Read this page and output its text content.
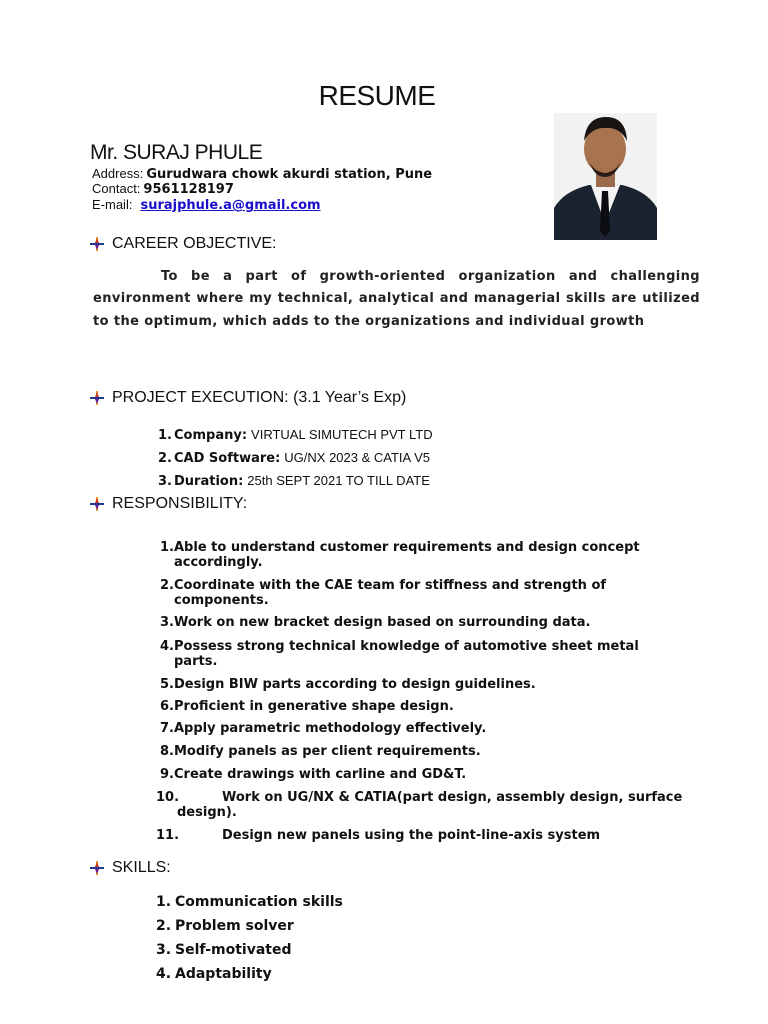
RESUME
Mr. SURAJ PHULE
Address: Gurudwara chowk akurdi station, Pune
Contact: 9561128197
E-mail: surajphule.a@gmail.com
CAREER OBJECTIVE:
To be a part of growth-oriented organization and challenging environment where my technical, analytical and managerial skills are utilized to the optimum, which adds to the organizations and individual growth
PROJECT EXECUTION: (3.1 Year’s Exp)
1. Company: VIRTUAL SIMUTECH PVT LTD
2. CAD Software: UG/NX 2023 & CATIA V5
3. Duration: 25th SEPT 2021 TO TILL DATE
RESPONSIBILITY:
1. Able to understand customer requirements and design concept
accordingly.
2. Coordinate with the CAE team for stiffness and strength of
components.
3. Work on new bracket design based on surrounding data.
4. Possess strong technical knowledge of automotive sheet metal
parts.
5. Design BIW parts according to design guidelines.
6. Proficient in generative shape design.
7. Apply parametric methodology effectively.
8. Modify panels as per client requirements.
9. Create drawings with carline and GD&T.
10.	Work on UG/NX & CATIA(part design, assembly design, surface
design).
11.	Design new panels using the point-line-axis system
SKILLS:
1. Communication skills
2. Problem solver
3. Self-motivated
4. Adaptability
